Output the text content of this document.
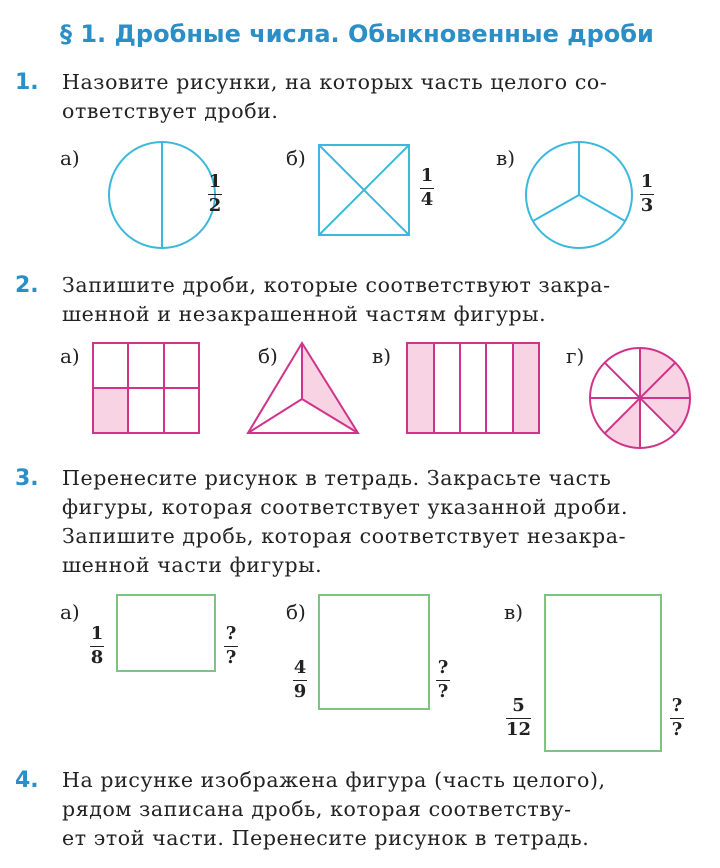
§ 1. Дробные числа. Обыкновенные дроби
1. Назовите рисунки, на которых часть целого со-

ответствует дроби.

а)
1
2
б)
1
4
в)
1
3
2. Запишите дроби, которые соответствуют закра-

шенной и незакрашенной частям фигуры.

а)	б)	в)	г)
3. Перенесите рисунок в тетрадь. Закрасьте часть

фигуры, которая соответствует указанной дроби.

Запишите дробь, которая соответствует незакра-

шенной части фигуры.

а)
1
8
?
?
б)
4
9
?
?
в)
5
12
?
?
4. На рисунке изображена фигура (часть целого),

рядом записана дробь, которая соответству-

ет этой части. Перенесите рисунок в тетрадь.
